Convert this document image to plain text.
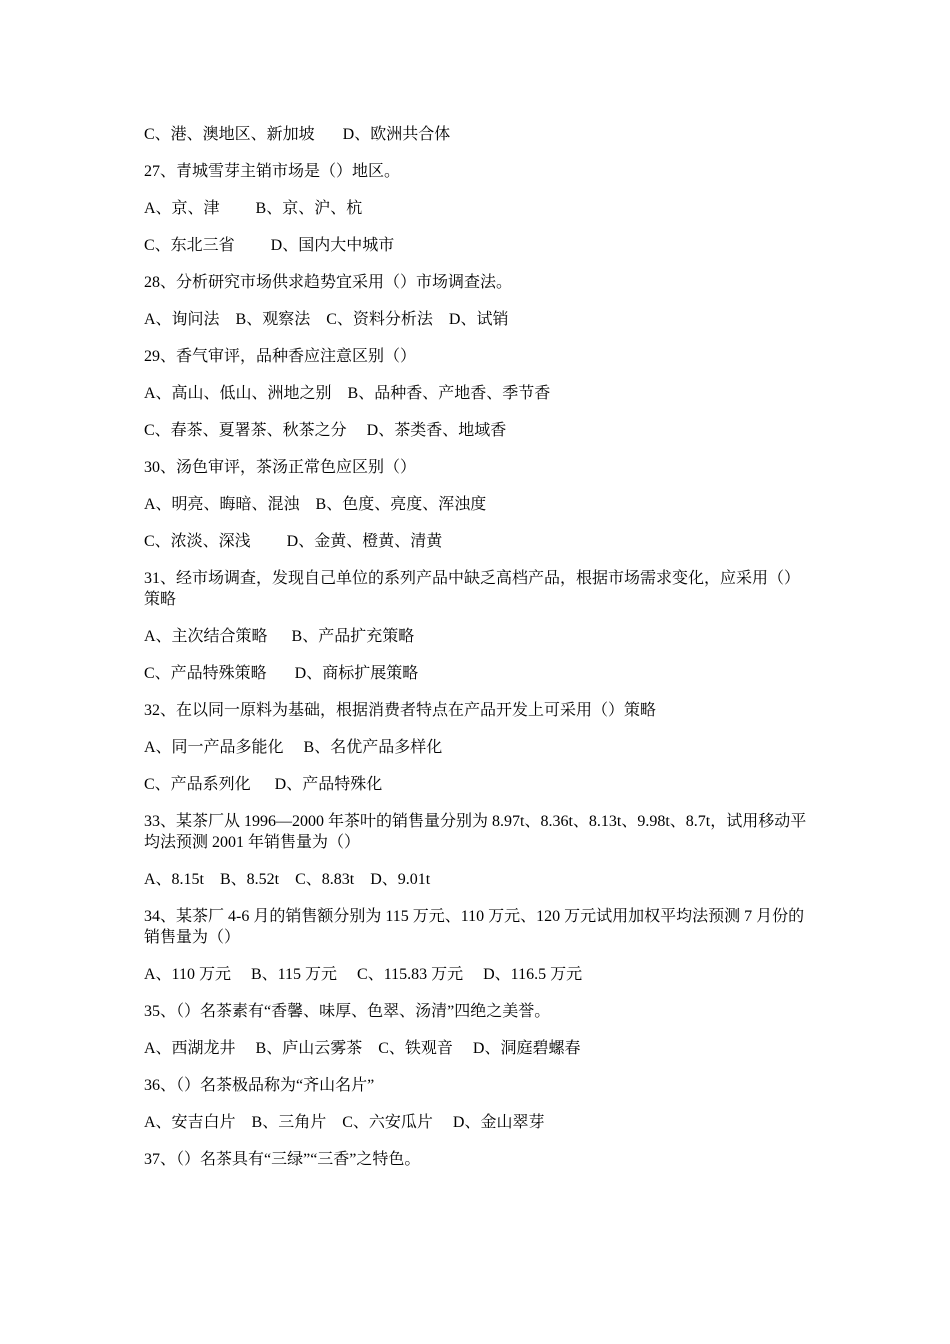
C、港、澳地区、新加坡       D、欧洲共合体
27、青城雪芽主销市场是（）地区。
A、京、津         B、京、沪、杭
C、东北三省         D、国内大中城市
28、分析研究市场供求趋势宜采用（）市场调查法。
A、询问法    B、观察法    C、资料分析法    D、试销
29、香气审评，品种香应注意区别（）
A、高山、低山、洲地之别    B、品种香、产地香、季节香
C、春茶、夏署茶、秋茶之分     D、茶类香、地域香
30、汤色审评，茶汤正常色应区别（）
A、明亮、晦暗、混浊    B、色度、亮度、浑浊度
C、浓淡、深浅         D、金黄、橙黄、清黄
31、经市场调查，发现自己单位的系列产品中缺乏高档产品，根据市场需求变化，应采用（）策略
A、主次结合策略      B、产品扩充策略
C、产品特殊策略       D、商标扩展策略
32、在以同一原料为基础，根据消费者特点在产品开发上可采用（）策略
A、同一产品多能化     B、名优产品多样化
C、产品系列化      D、产品特殊化
33、某茶厂从 1996—2000 年茶叶的销售量分别为 8.97t、8.36t、8.13t、9.98t、8.7t，试用移动平均法预测 2001 年销售量为（）
A、8.15t    B、8.52t    C、8.83t    D、9.01t
34、某茶厂 4-6 月的销售额分别为 115 万元、110 万元、120 万元试用加权平均法预测 7 月份的销售量为（）
A、110 万元     B、115 万元     C、115.83 万元     D、116.5 万元
35、（）名茶素有“香馨、味厚、色翠、汤清”四绝之美誉。
A、西湖龙井     B、庐山云雾茶    C、铁观音     D、洞庭碧螺春
36、（）名茶极品称为“齐山名片”
A、安吉白片    B、三角片    C、六安瓜片     D、金山翠芽
37、（）名茶具有“三绿”“三香”之特色。
